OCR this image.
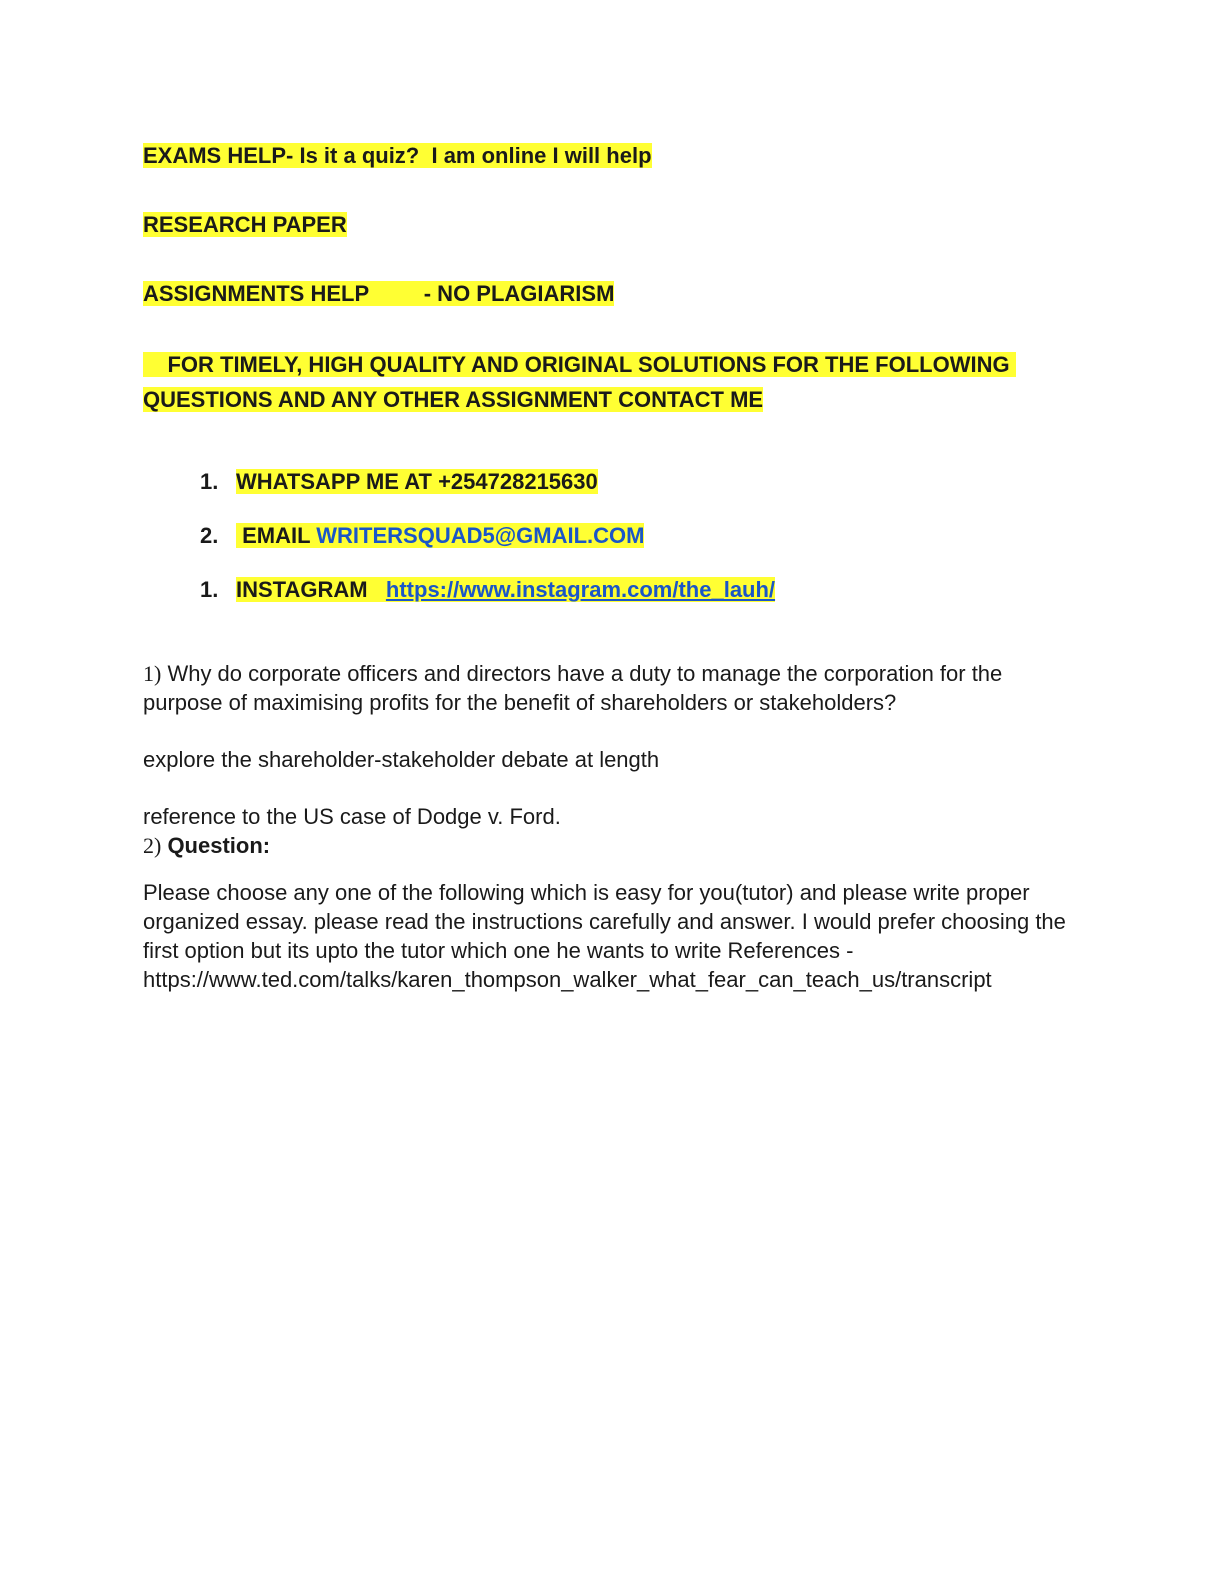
EXAMS HELP- Is it a quiz?  I am online I will help
RESEARCH PAPER
ASSIGNMENTS HELP         - NO PLAGIARISM
FOR TIMELY, HIGH QUALITY AND ORIGINAL SOLUTIONS FOR THE FOLLOWING QUESTIONS AND ANY OTHER ASSIGNMENT CONTACT ME
1. WHATSAPP ME AT +254728215630
2. EMAIL WRITERSQUAD5@GMAIL.COM
1. INSTAGRAM   https://www.instagram.com/the_lauh/
1) Why do corporate officers and directors have a duty to manage the corporation for the purpose of maximising profits for the benefit of shareholders or stakeholders?
explore the shareholder-stakeholder debate at length
reference to the US case of Dodge v. Ford.
2) Question:
Please choose any one of the following which is easy for you(tutor) and please write proper organized essay. please read the instructions carefully and answer. I would prefer choosing the first option but its upto the tutor which one he wants to write References - https://www.ted.com/talks/karen_thompson_walker_what_fear_can_teach_us/transcript
